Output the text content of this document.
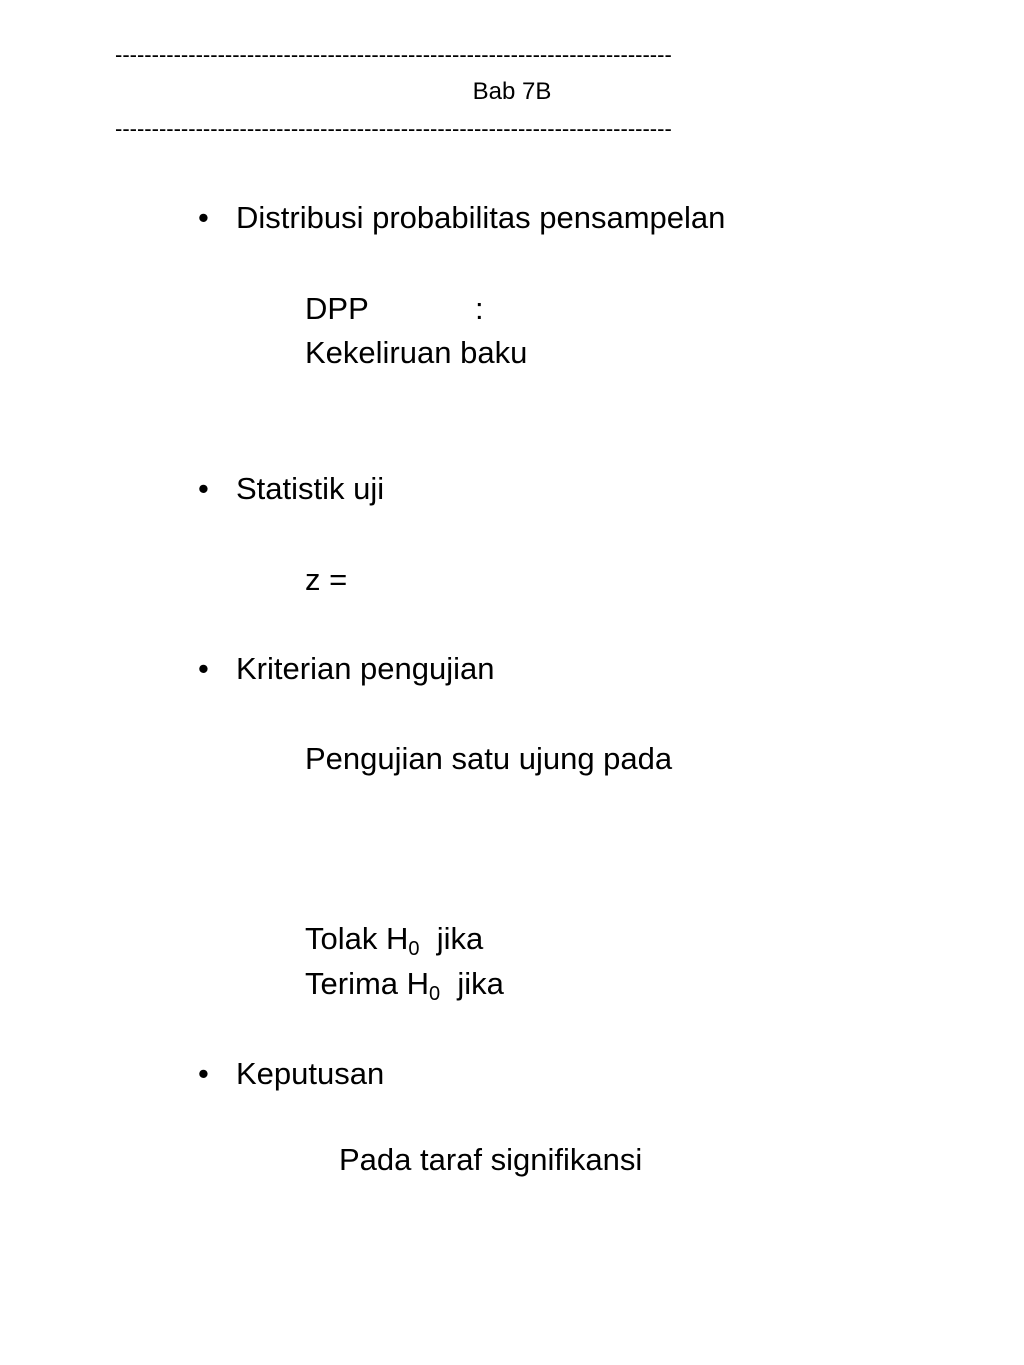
----------------------------------------------------------------------------
Bab 7B
----------------------------------------------------------------------------
• Distribusi probabilitas pensampelan
DPP	:
Kekeliruan baku
• Statistik uji
z =
• Kriterian pengujian
Pengujian satu ujung pada
Tolak $H_0$ jika
Terima $H_0$ jika
• Keputusan
Pada taraf signifikansi
